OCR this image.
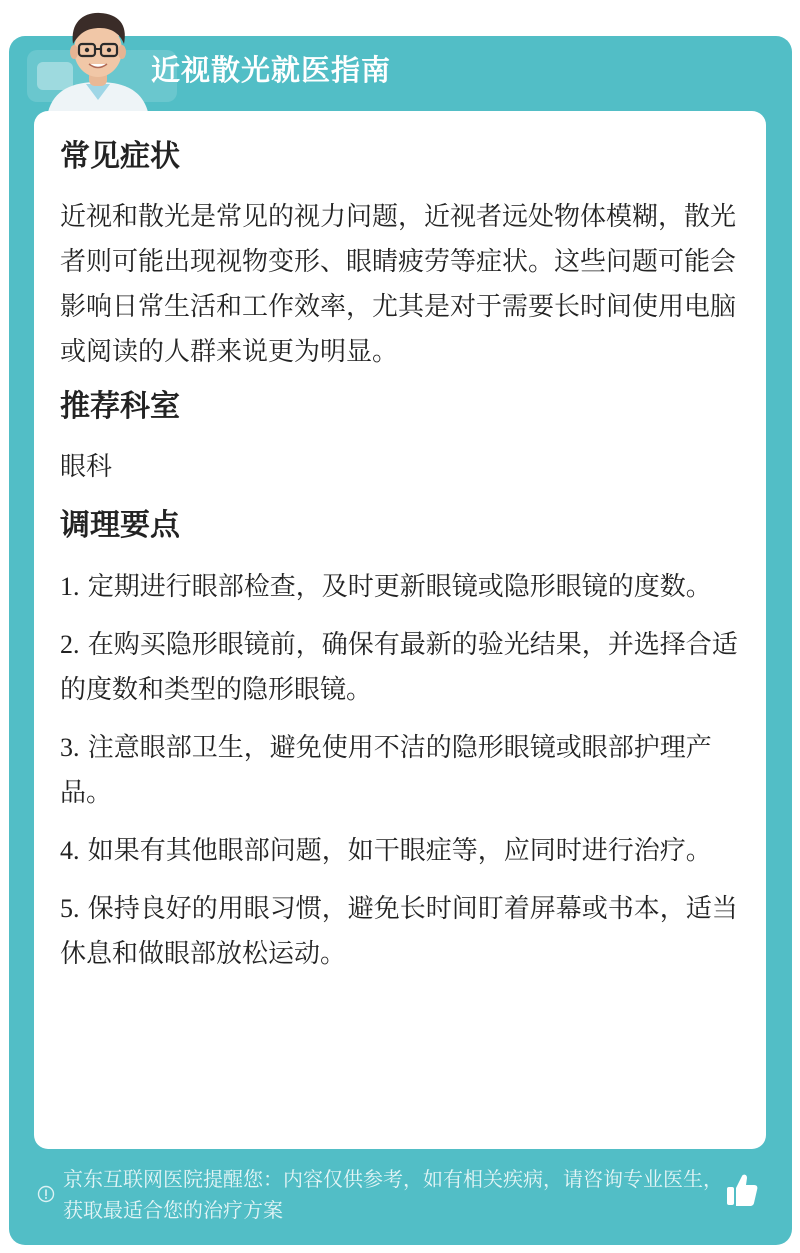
近视散光就医指南
常见症状

近视和散光是常见的视力问题，近视者远处物体模糊，散光者则可能出现视物变形、眼睛疲劳等症状。这些问题可能会影响日常生活和工作效率，尤其是对于需要长时间使用电脑或阅读的人群来说更为明显。

推荐科室

眼科

调理要点

1. 定期进行眼部检查，及时更新眼镜或隐形眼镜的度数。

2. 在购买隐形眼镜前，确保有最新的验光结果，并选择合适的度数和类型的隐形眼镜。

3. 注意眼部卫生，避免使用不洁的隐形眼镜或眼部护理产品。

4. 如果有其他眼部问题，如干眼症等，应同时进行治疗。

5. 保持良好的用眼习惯，避免长时间盯着屏幕或书本，适当休息和做眼部放松运动。

京东互联网医院提醒您：内容仅供参考，如有相关疾病，请咨询专业医生，获取最适合您的治疗方案
